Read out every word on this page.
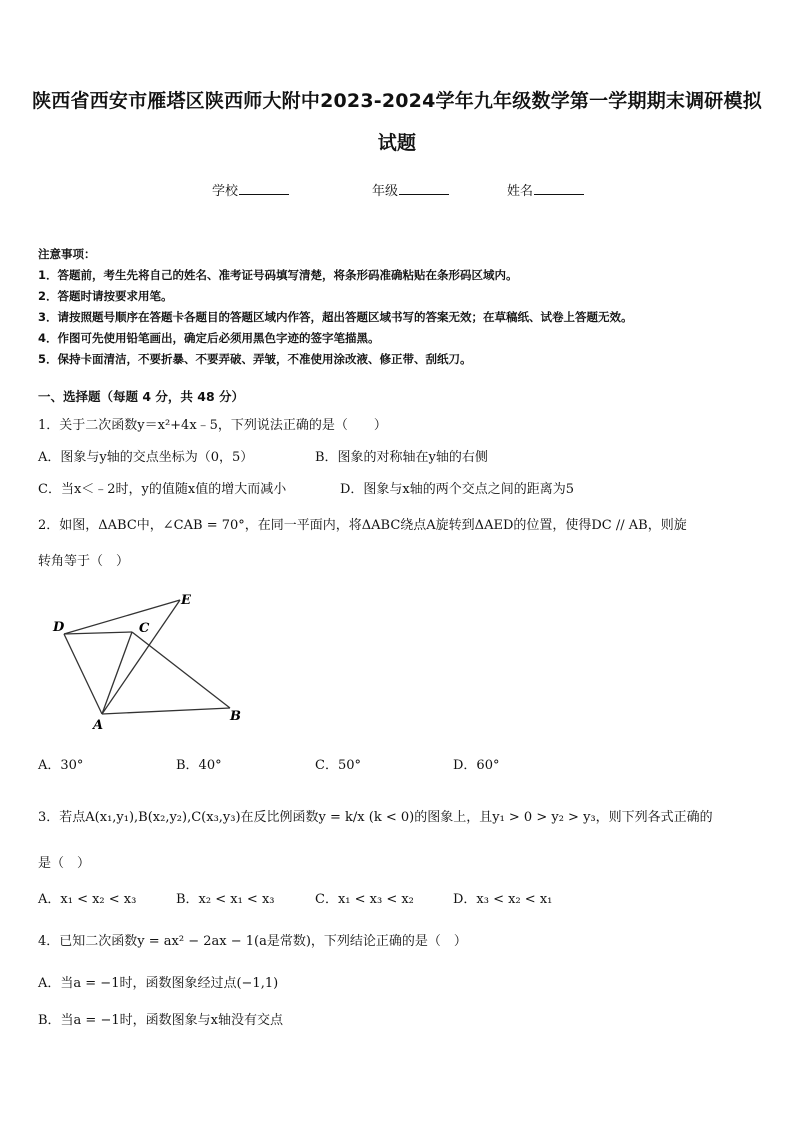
陕西省西安市雁塔区陕西师大附中2023-2024学年九年级数学第一学期期末调研模拟
试题
学校	年级	姓名
注意事项：
1．答题前，考生先将自己的姓名、准考证号码填写清楚，将条形码准确粘贴在条形码区域内。
2．答题时请按要求用笔。
3．请按照题号顺序在答题卡各题目的答题区域内作答，超出答题区域书写的答案无效；在草稿纸、试卷上答题无效。
4．作图可先使用铅笔画出，确定后必须用黑色字迹的签字笔描黑。
5．保持卡面清洁，不要折暴、不要弄破、弄皱，不准使用涂改液、修正带、刮纸刀。
一、选择题（每题 4 分，共 48 分）
1．关于二次函数y＝x²+4x﹣5，下列说法正确的是（　　）
A．图象与y轴的交点坐标为（0，5）	B．图象的对称轴在y轴的右侧
C．当x＜﹣2时，y的值随x值的增大而减小	D．图象与x轴的两个交点之间的距离为5
2．如图，ΔABC中，∠CAB = 70°，在同一平面内，将ΔABC绕点A旋转到ΔAED的位置，使得DC // AB，则旋
转角等于（　）
D	C
E
A
B
A．30°	B．40°	C．50°	D．60°
3．若点A(x₁,y₁),B(x₂,y₂),C(x₃,y₃)在反比例函数y = k/x (k < 0)的图象上，且y₁ > 0 > y₂ > y₃，则下列各式正确的
是（　）
A．x₁ < x₂ < x₃	B．x₂ < x₁ < x₃	C．x₁ < x₃ < x₂	D．x₃ < x₂ < x₁
4．已知二次函数y = ax² − 2ax − 1(a是常数)，下列结论正确的是（　）
A．当a = −1时，函数图象经过点(−1,1)
B．当a = −1时，函数图象与x轴没有交点
